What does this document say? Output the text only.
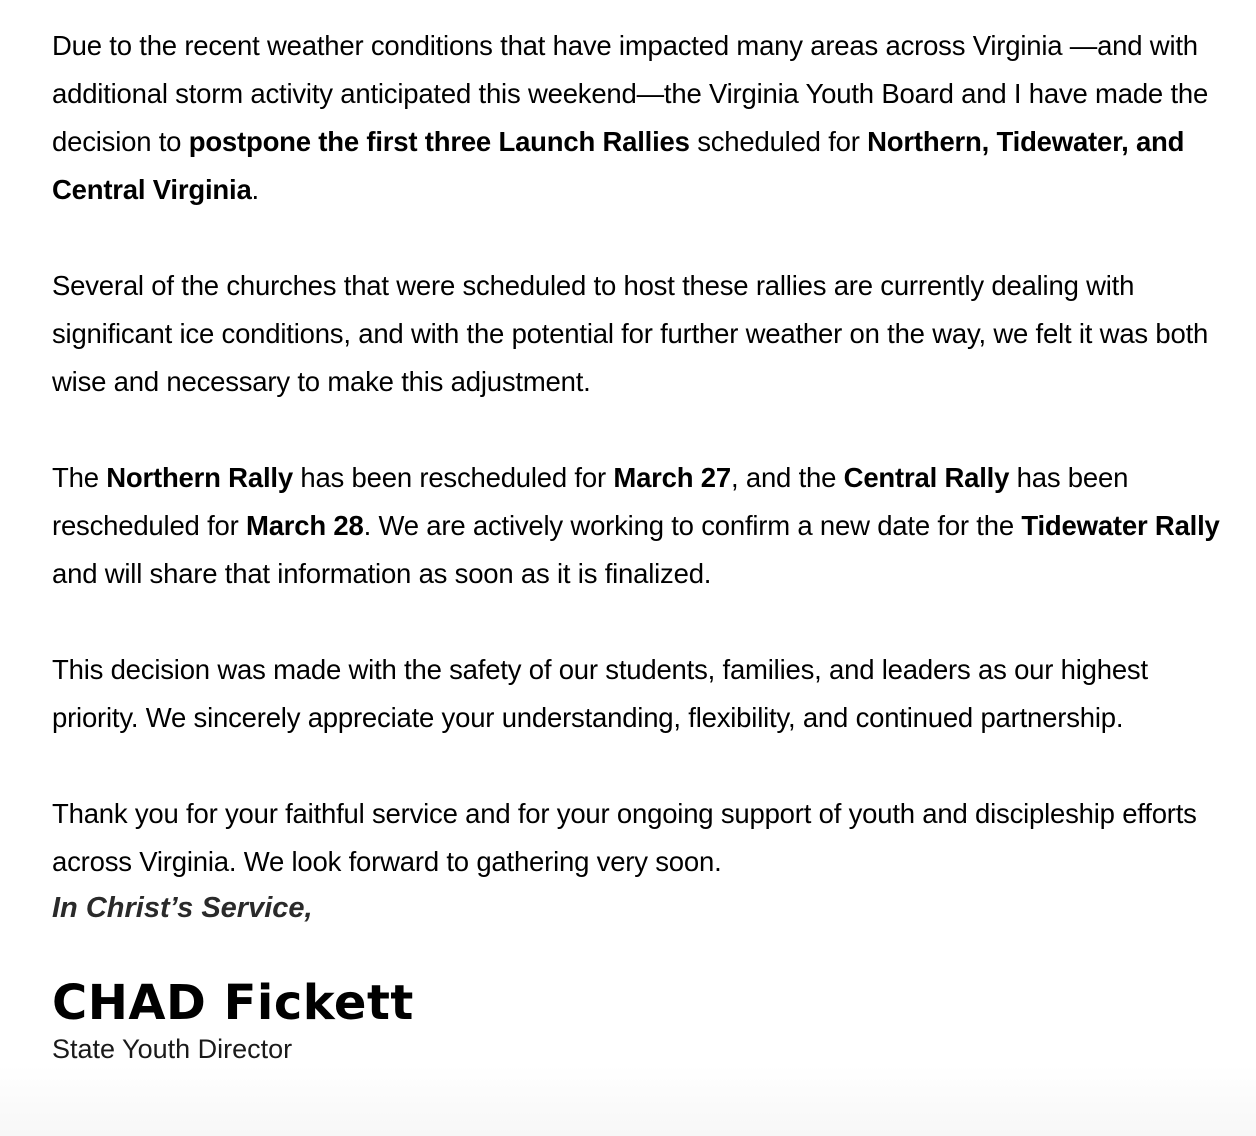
Due to the recent weather conditions that have impacted many areas across Virginia —and with additional storm activity anticipated this weekend—the Virginia Youth Board and I have made the decision to postpone the first three Launch Rallies scheduled for Northern, Tidewater, and Central Virginia.

Several of the churches that were scheduled to host these rallies are currently dealing with significant ice conditions, and with the potential for further weather on the way, we felt it was both wise and necessary to make this adjustment.

The Northern Rally has been rescheduled for March 27, and the Central Rally has been rescheduled for March 28. We are actively working to confirm a new date for the Tidewater Rally and will share that information as soon as it is finalized.

This decision was made with the safety of our students, families, and leaders as our highest priority. We sincerely appreciate your understanding, flexibility, and continued partnership.

Thank you for your faithful service and for your ongoing support of youth and discipleship efforts across Virginia. We look forward to gathering very soon.

In Christ’s Service,

CHAD Fickett
State Youth Director
